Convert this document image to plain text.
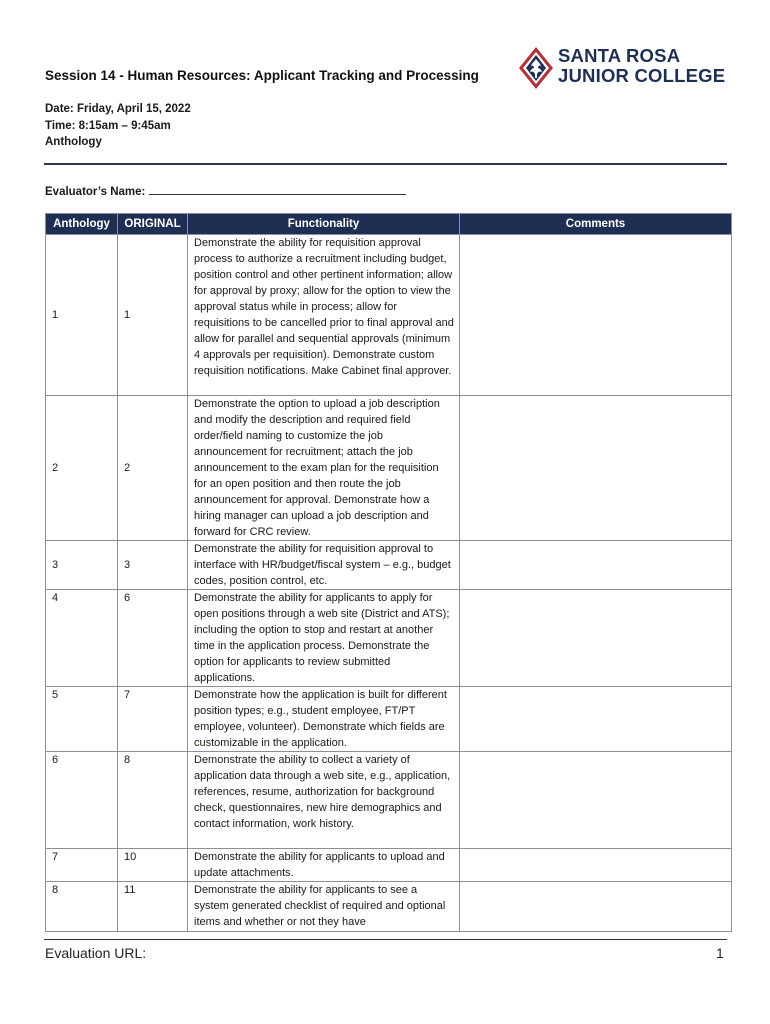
Session 14 - Human Resources: Applicant Tracking and Processing
SANTA ROSA
JUNIOR COLLEGE
Date: Friday, April 15, 2022
Time: 8:15am – 9:45am
Anthology
Evaluator’s Name:
Anthology	ORIGINAL	Functionality	Comments
1	1	Demonstrate the ability for requisition approval process to authorize a recruitment including budget, position control and other pertinent information; allow for approval by proxy; allow for the option to view the approval status while in process; allow for requisitions to be cancelled prior to final approval and allow for parallel and sequential approvals (minimum 4 approvals per requisition). Demonstrate custom requisition notifications. Make Cabinet final approver.	
2	2	Demonstrate the option to upload a job description and modify the description and required field order/field naming to customize the job announcement for recruitment; attach the job announcement to the exam plan for the requisition for an open position and then route the job announcement for approval. Demonstrate how a hiring manager can upload a job description and forward for CRC review.	
3	3	Demonstrate the ability for requisition approval to interface with HR/budget/fiscal system – e.g., budget codes, position control, etc.	
4	6	Demonstrate the ability for applicants to apply for open positions through a web site (District and ATS); including the option to stop and restart at another time in the application process. Demonstrate the option for applicants to review submitted applications.	
5	7	Demonstrate how the application is built for different position types; e.g., student employee, FT/PT employee, volunteer). Demonstrate which fields are customizable in the application.	
6	8	Demonstrate the ability to collect a variety of application data through a web site, e.g., application, references, resume, authorization for background check, questionnaires, new hire demographics and contact information, work history.	
7	10	Demonstrate the ability for applicants to upload and update attachments.	
8	11	Demonstrate the ability for applicants to see a system generated checklist of required and optional items and whether or not they have	
Evaluation URL:	1
